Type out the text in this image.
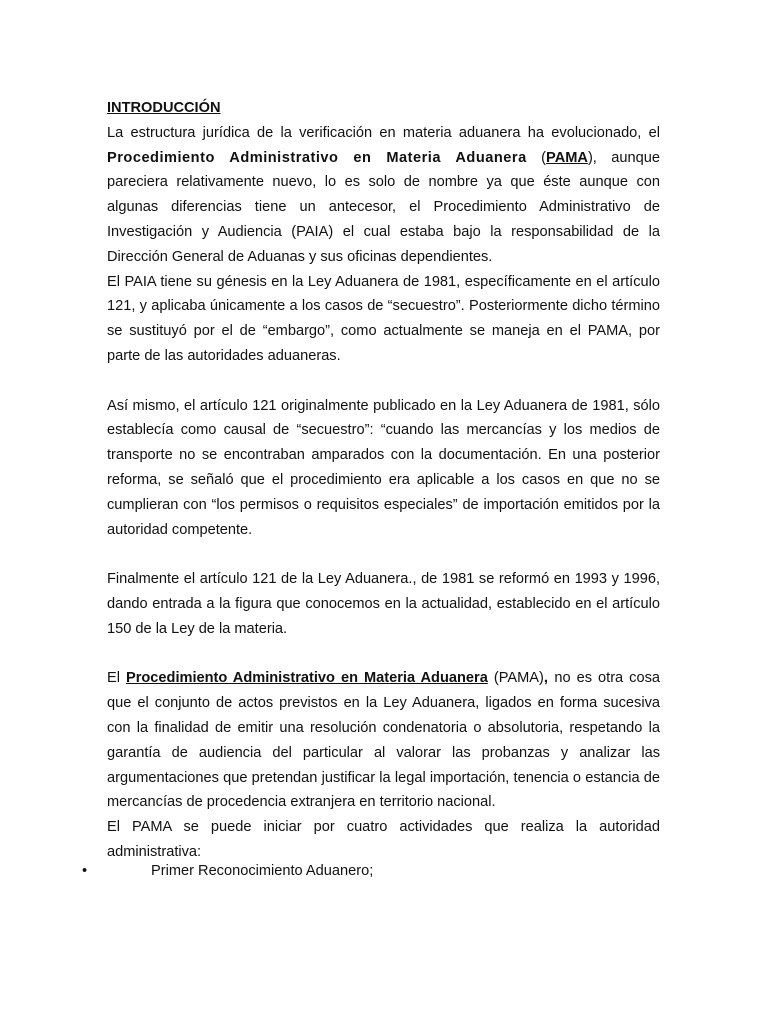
INTRODUCCIÓN

La estructura jurídica de la verificación en materia aduanera ha evolucionado, el Procedimiento Administrativo en Materia Aduanera (PAMA), aunque pareciera relativamente nuevo, lo es solo de nombre ya que éste aunque con algunas diferencias tiene un antecesor, el Procedimiento Administrativo de Investigación y Audiencia (PAIA) el cual estaba bajo la responsabilidad de la Dirección General de Aduanas y sus oficinas dependientes.

El PAIA tiene su génesis en la Ley Aduanera de 1981, específicamente en el artículo 121, y aplicaba únicamente a los casos de “secuestro”. Posteriormente dicho término se sustituyó por el de “embargo”, como actualmente se maneja en el PAMA, por parte de las autoridades aduaneras.

Así mismo, el artículo 121 originalmente publicado en la Ley Aduanera de 1981, sólo establecía como causal de “secuestro”: “cuando las mercancías y los medios de transporte no se encontraban amparados con la documentación. En una posterior reforma, se señaló que el procedimiento era aplicable a los casos en que no se cumplieran con “los permisos o requisitos especiales” de importación emitidos por la autoridad competente.

Finalmente el artículo 121 de la Ley Aduanera., de 1981 se reformó en 1993 y 1996, dando entrada a la figura que conocemos en la actualidad, establecido en el artículo 150 de la Ley de la materia.

El Procedimiento Administrativo en Materia Aduanera (PAMA), no es otra cosa que el conjunto de actos previstos en la Ley Aduanera, ligados en forma sucesiva con la finalidad de emitir una resolución condenatoria o absolutoria, respetando la garantía de audiencia del particular al valorar las probanzas y analizar las argumentaciones que pretendan justificar la legal importación, tenencia o estancia de mercancías de procedencia extranjera en territorio nacional.

El PAMA se puede iniciar por cuatro actividades que realiza la autoridad administrativa:

•	Primer Reconocimiento Aduanero;
